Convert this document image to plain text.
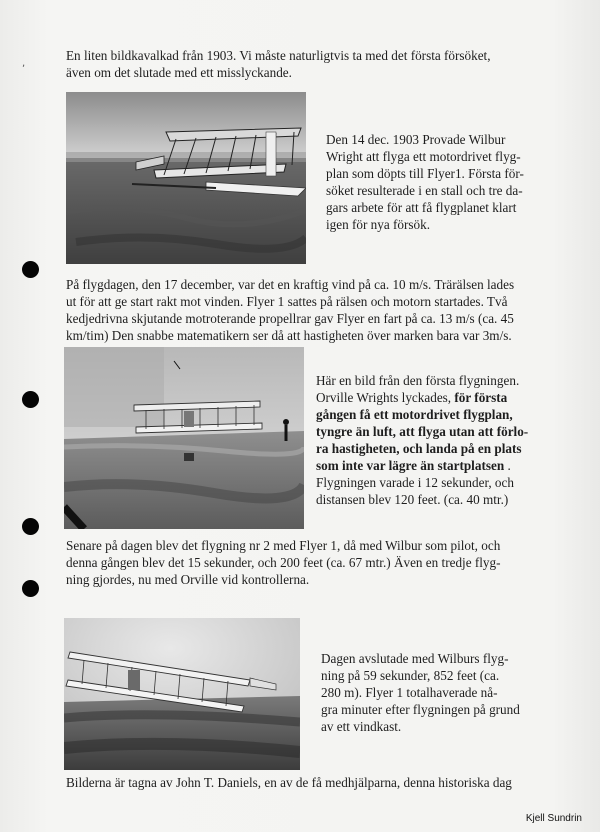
,
En liten bildkavalkad från 1903. Vi måste naturligtvis ta med det första försöket,
även om det slutade med ett misslyckande.
Den 14 dec. 1903 Provade Wilbur
Wright att flyga ett motordrivet flyg-
plan som döpts till Flyer1. Första för-
söket resulterade i en stall och tre da-
gars arbete för att få flygplanet klart
igen för nya försök.
På flygdagen, den 17 december, var det en kraftig vind på ca. 10 m/s. Trärälsen lades
ut för att ge start rakt mot vinden. Flyer 1 sattes på rälsen och motorn startades. Två
kedjedrivna skjutande motroterande propellrar gav Flyer en fart på ca. 13 m/s (ca. 45
km/tim) Den snabbe matematikern ser då att hastigheten över marken bara var 3m/s.
Här en bild från den första flygningen.
Orville Wrights lyckades, för första
gången få ett motordrivet flygplan,
tyngre än luft, att flyga utan att förlo-
ra hastigheten, och landa på en plats
som inte var lägre än startplatsen .
Flygningen varade i 12 sekunder, och
distansen blev 120 feet. (ca. 40 mtr.)
Senare på dagen blev det flygning nr 2 med Flyer 1, då med Wilbur som pilot, och
denna gången blev det 15 sekunder, och 200 feet (ca. 67 mtr.) Även en tredje flyg-
ning gjordes, nu med Orville vid kontrollerna.
Dagen avslutade med Wilburs flyg-
ning på 59 sekunder, 852 feet (ca.
280 m). Flyer 1 totalhaverade nå-
gra minuter efter flygningen på grund
av ett vindkast.
Bilderna är tagna av John T. Daniels, en av de få medhjälparna, denna historiska dag
Kjell Sundrin
